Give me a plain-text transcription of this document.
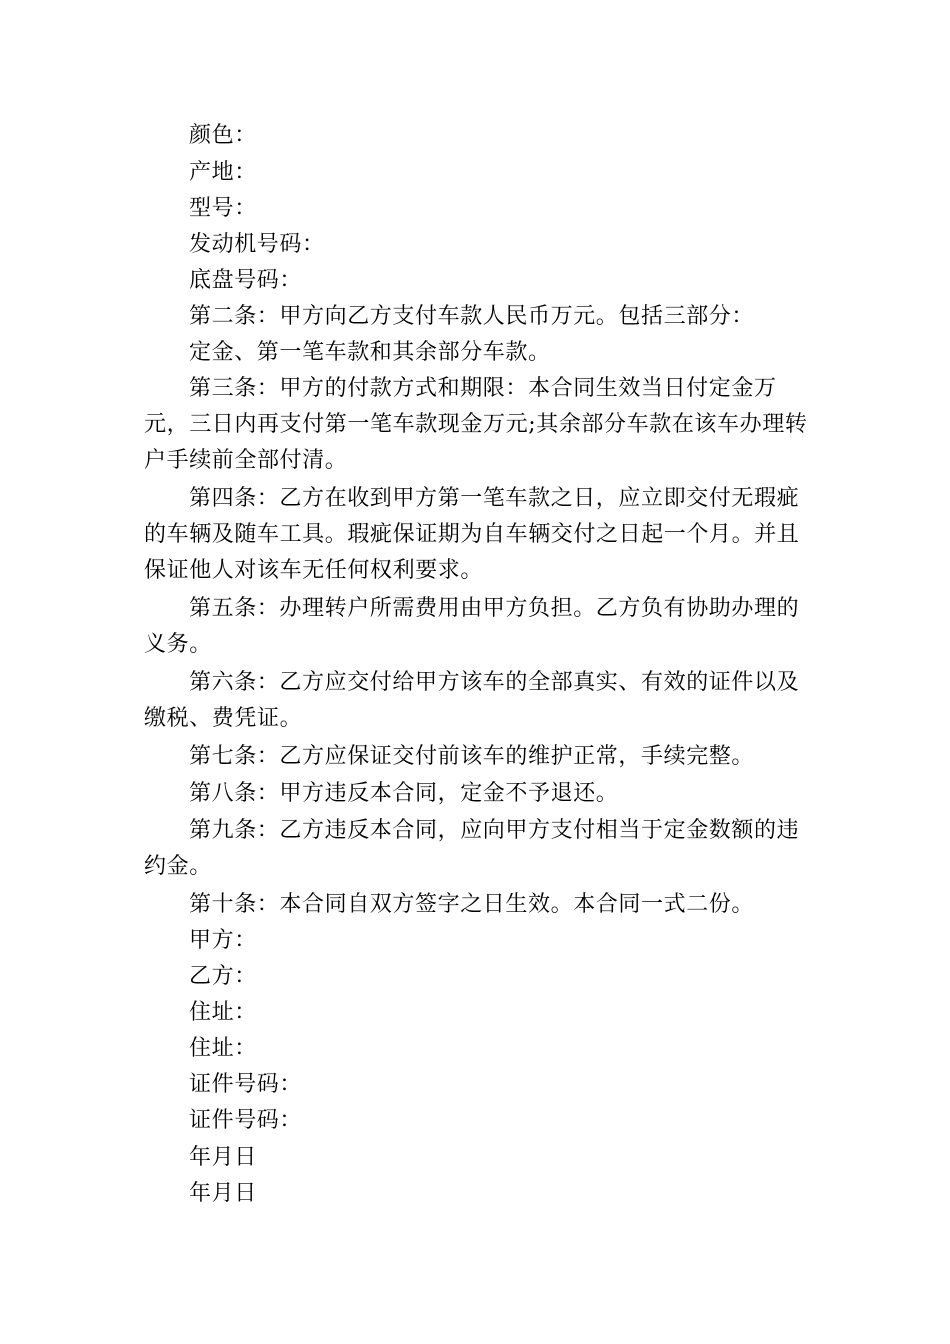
颜色：

产地：

型号：

发动机号码：

底盘号码：

第二条：甲方向乙方支付车款人民币万元。包括三部分：

定金、第一笔车款和其余部分车款。

第三条：甲方的付款方式和期限：本合同生效当日付定金万元，三日内再支付第一笔车款现金万元;其余部分车款在该车办理转户手续前全部付清。

第四条：乙方在收到甲方第一笔车款之日，应立即交付无瑕疵的车辆及随车工具。瑕疵保证期为自车辆交付之日起一个月。并且保证他人对该车无任何权利要求。

第五条：办理转户所需费用由甲方负担。乙方负有协助办理的义务。

第六条：乙方应交付给甲方该车的全部真实、有效的证件以及缴税、费凭证。

第七条：乙方应保证交付前该车的维护正常，手续完整。

第八条：甲方违反本合同，定金不予退还。

第九条：乙方违反本合同，应向甲方支付相当于定金数额的违约金。

第十条：本合同自双方签字之日生效。本合同一式二份。

甲方：

乙方：

住址：

住址：

证件号码：

证件号码：

年月日

年月日
